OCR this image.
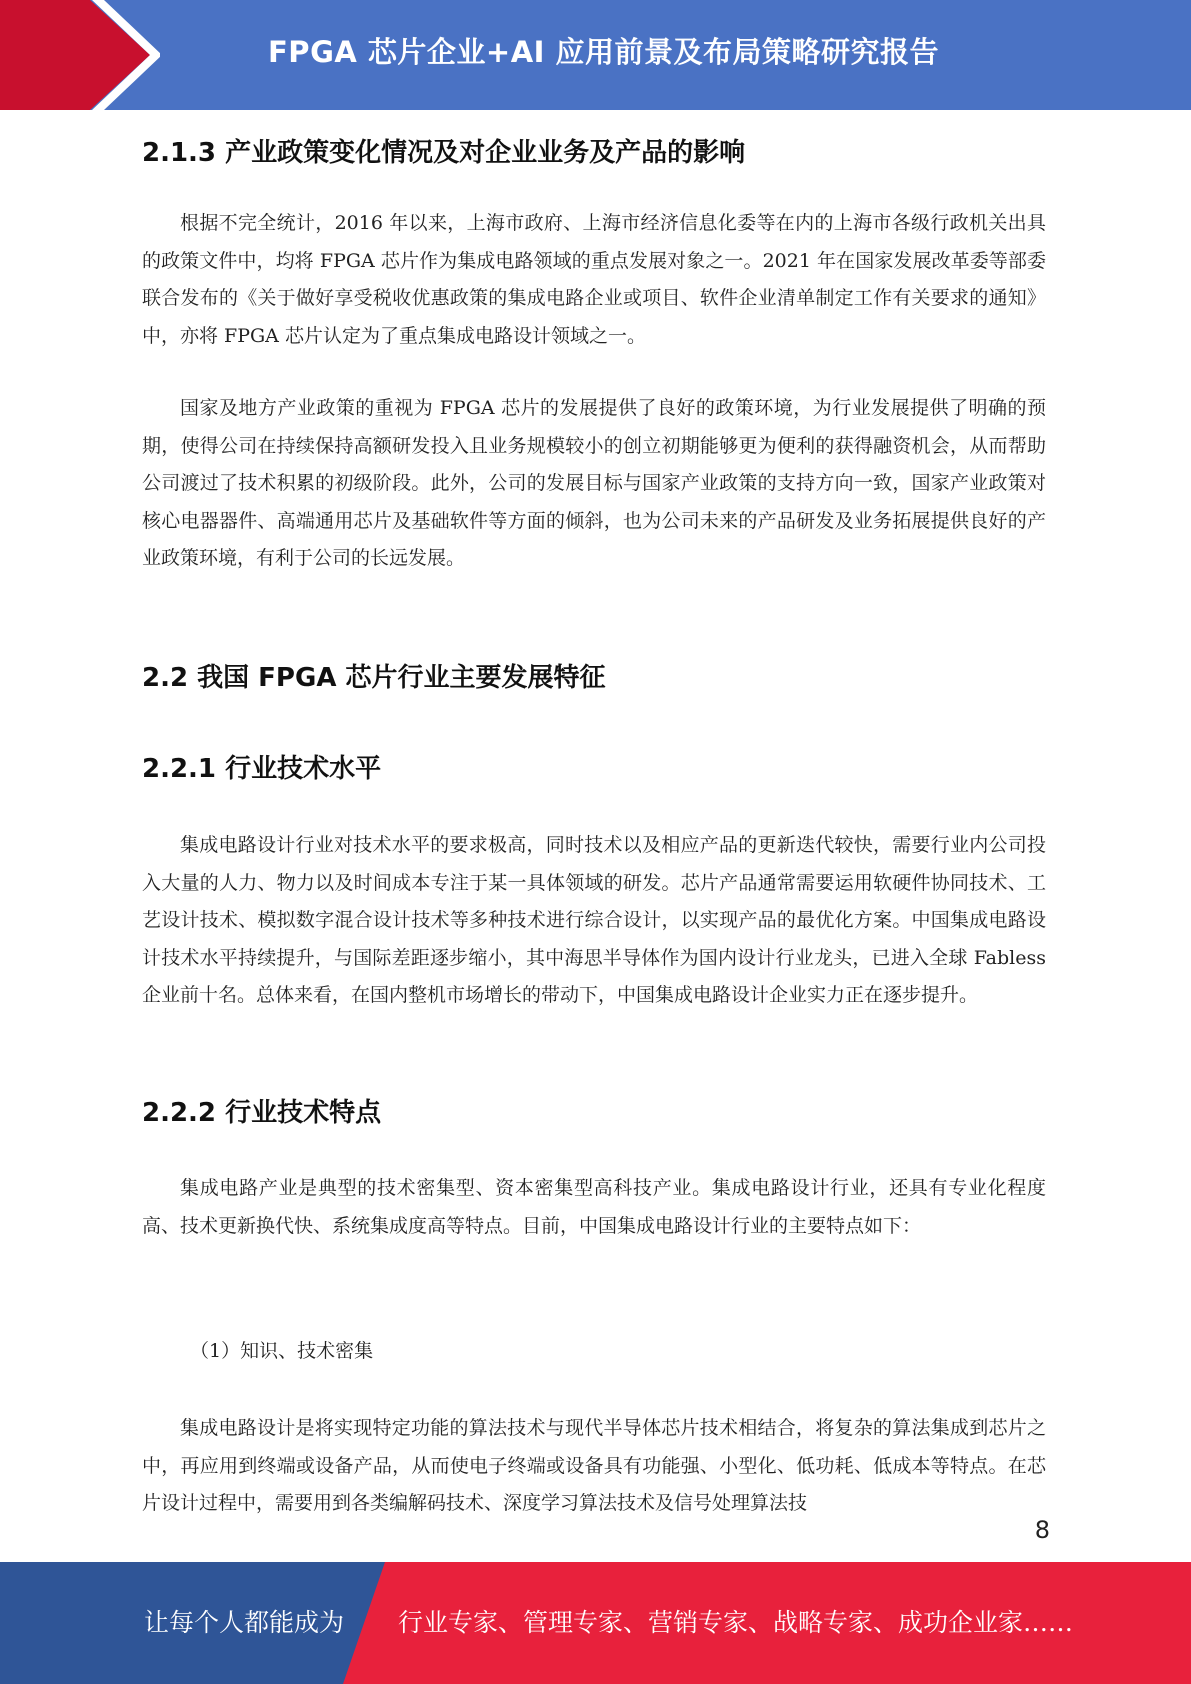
FPGA 芯片企业+AI 应用前景及布局策略研究报告
2.1.3 产业政策变化情况及对企业业务及产品的影响

根据不完全统计，2016 年以来，上海市政府、上海市经济信息化委等在内的上海市各级行政机关出具的政策文件中，均将 FPGA 芯片作为集成电路领域的重点发展对象之一。2021 年在国家发展改革委等部委联合发布的《关于做好享受税收优惠政策的集成电路企业或项目、软件企业清单制定工作有关要求的通知》中，亦将 FPGA 芯片认定为了重点集成电路设计领域之一。

国家及地方产业政策的重视为 FPGA 芯片的发展提供了良好的政策环境，为行业发展提供了明确的预期，使得公司在持续保持高额研发投入且业务规模较小的创立初期能够更为便利的获得融资机会，从而帮助公司渡过了技术积累的初级阶段。此外，公司的发展目标与国家产业政策的支持方向一致，国家产业政策对核心电器器件、高端通用芯片及基础软件等方面的倾斜，也为公司未来的产品研发及业务拓展提供良好的产业政策环境，有利于公司的长远发展。

2.2 我国 FPGA 芯片行业主要发展特征
2.2.1 行业技术水平

集成电路设计行业对技术水平的要求极高，同时技术以及相应产品的更新迭代较快，需要行业内公司投入大量的人力、物力以及时间成本专注于某一具体领域的研发。芯片产品通常需要运用软硬件协同技术、工艺设计技术、模拟数字混合设计技术等多种技术进行综合设计，以实现产品的最优化方案。中国集成电路设计技术水平持续提升，与国际差距逐步缩小，其中海思半导体作为国内设计行业龙头，已进入全球 Fabless 企业前十名。总体来看，在国内整机市场增长的带动下，中国集成电路设计企业实力正在逐步提升。

2.2.2 行业技术特点

集成电路产业是典型的技术密集型、资本密集型高科技产业。集成电路设计行业，还具有专业化程度高、技术更新换代快、系统集成度高等特点。目前，中国集成电路设计行业的主要特点如下：

（1）知识、技术密集

集成电路设计是将实现特定功能的算法技术与现代半导体芯片技术相结合，将复杂的算法集成到芯片之中，再应用到终端或设备产品，从而使电子终端或设备具有功能强、小型化、低功耗、低成本等特点。在芯片设计过程中，需要用到各类编解码技术、深度学习算法技术及信号处理算法技

8
让每个人都能成为 行业专家、管理专家、营销专家、战略专家、成功企业家……
